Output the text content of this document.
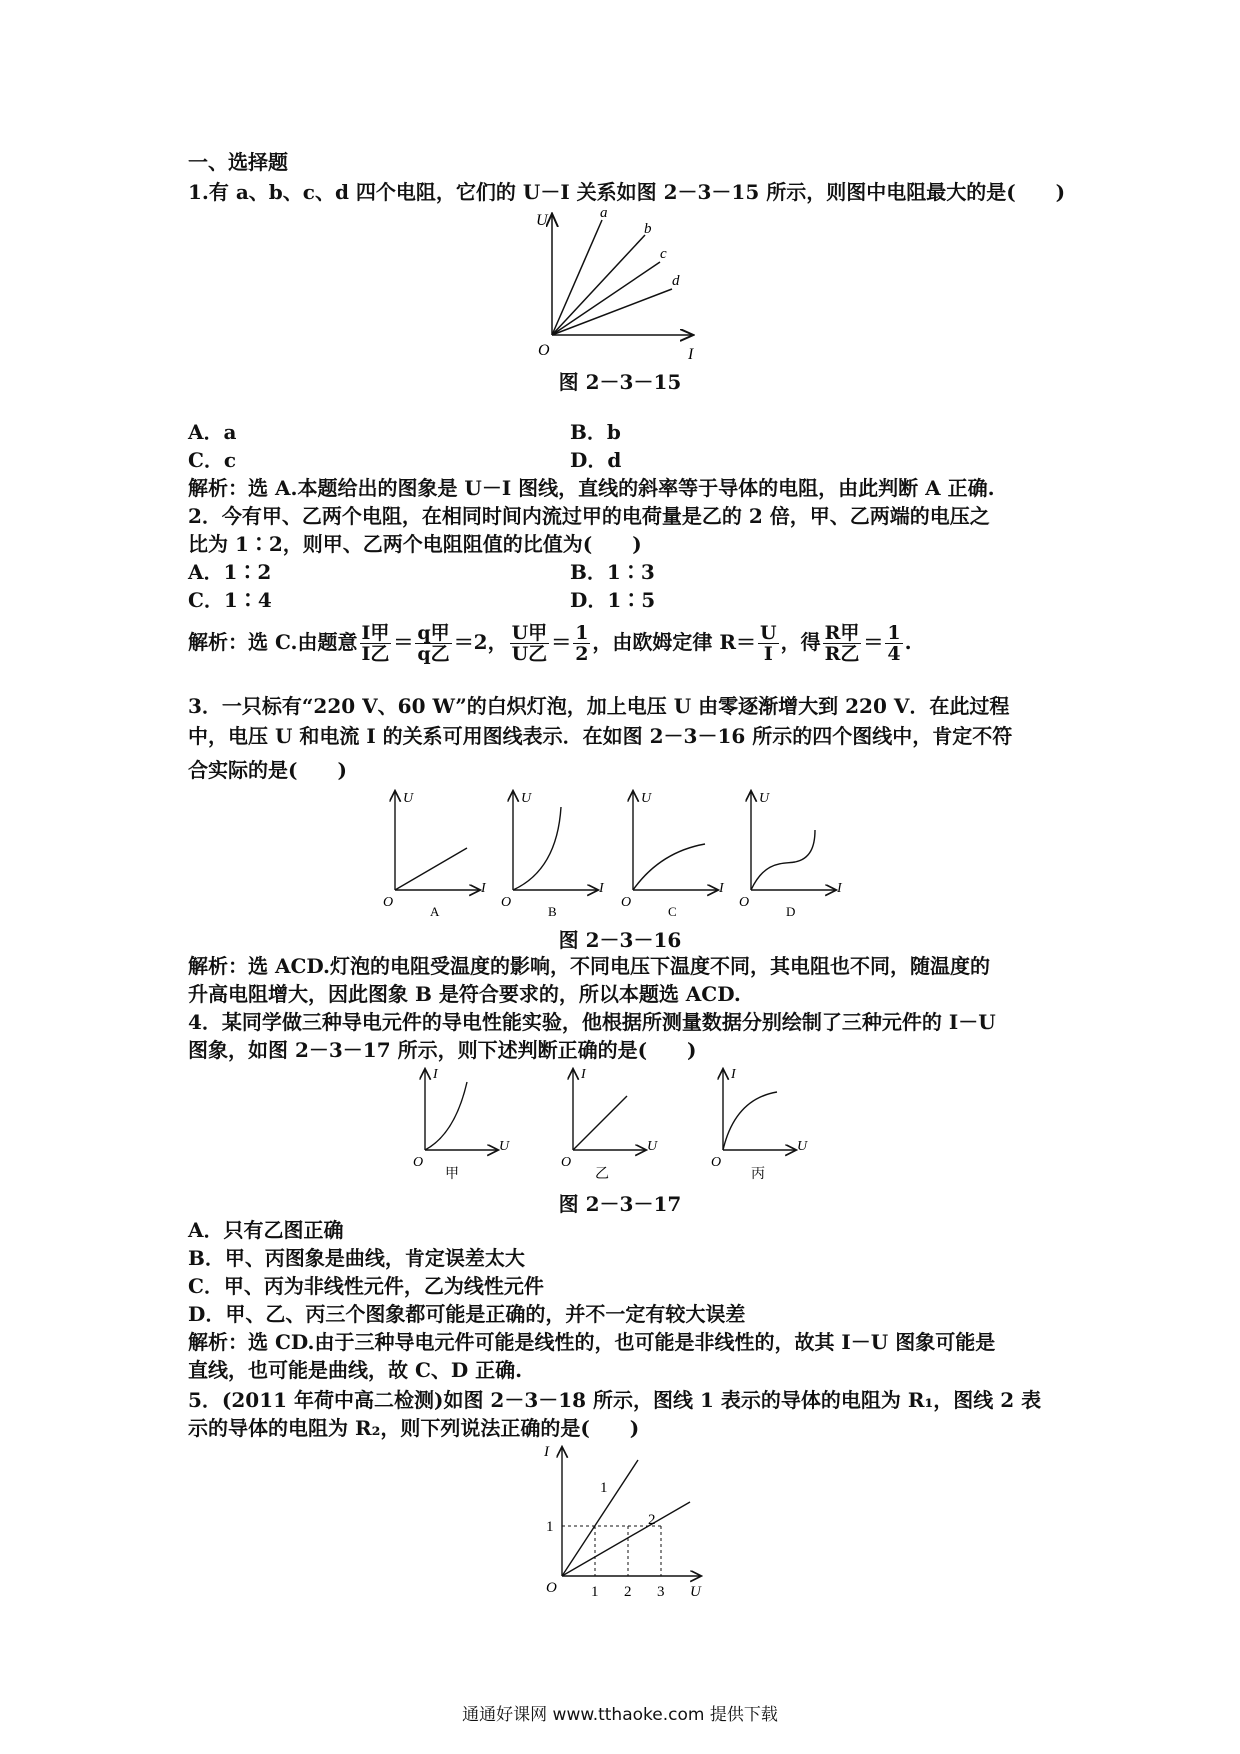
一、选择题
1.有 a、b、c、d 四个电阻，它们的 U－I 关系如图 2－3－15 所示，则图中电阻最大的是(　　)
U
I
O
a
b
c
d
图 2－3－15
A．a	B．b
C．c	D．d
解析：选 A.本题给出的图象是 U－I 图线，直线的斜率等于导体的电阻，由此判断 A 正确.
2．今有甲、乙两个电阻，在相同时间内流过甲的电荷量是乙的 2 倍，甲、乙两端的电压之
比为 1∶2，则甲、乙两个电阻阻值的比值为(　　)
A．1∶2	B．1∶3
C．1∶4	D．1∶5
解析：选 C.由题意 $\frac{\text{I甲}}{\text{I乙}} = \frac{\text{q甲}}{\text{q乙}} =2$， $\frac{\text{U甲}}{\text{U乙}} = \frac{1}{2}$ ，由欧姆定律 $R= \frac{U}{I}$ ，得 $\frac{\text{R甲}}{\text{R乙}} = \frac{1}{4}$ .
3．一只标有“220 V、60 W”的白炽灯泡，加上电压 U 由零逐渐增大到 220 V．在此过程
中，电压 U 和电流 I 的关系可用图线表示．在如图 2－3－16 所示的四个图线中，肯定不符
合实际的是(　　)
U
I
O
A
U
I
O
B
U
I
O
C
U
I
O
D
图 2－3－16
解析：选 ACD.灯泡的电阻受温度的影响，不同电压下温度不同，其电阻也不同，随温度的
升高电阻增大，因此图象 B 是符合要求的，所以本题选 ACD.
4．某同学做三种导电元件的导电性能实验，他根据所测量数据分别绘制了三种元件的 I－U
图象，如图 2－3－17 所示，则下述判断正确的是(　　)
I
U
O
甲
I
U
O
乙
I
U
O
丙
图 2－3－17
A．只有乙图正确
B．甲、丙图象是曲线，肯定误差太大
C．甲、丙为非线性元件，乙为线性元件
D．甲、乙、丙三个图象都可能是正确的，并不一定有较大误差
解析：选 CD.由于三种导电元件可能是线性的，也可能是非线性的，故其 I－U 图象可能是
直线，也可能是曲线，故 C、D 正确.
5．(2011 年荷中高二检测)如图 2－3－18 所示，图线 1 表示的导体的电阻为 R₁，图线 2 表
示的导体的电阻为 R₂，则下列说法正确的是(　　)
I
U
O
1
1
2
1 2 3
通通好课网 www.tthaoke.com 提供下载
